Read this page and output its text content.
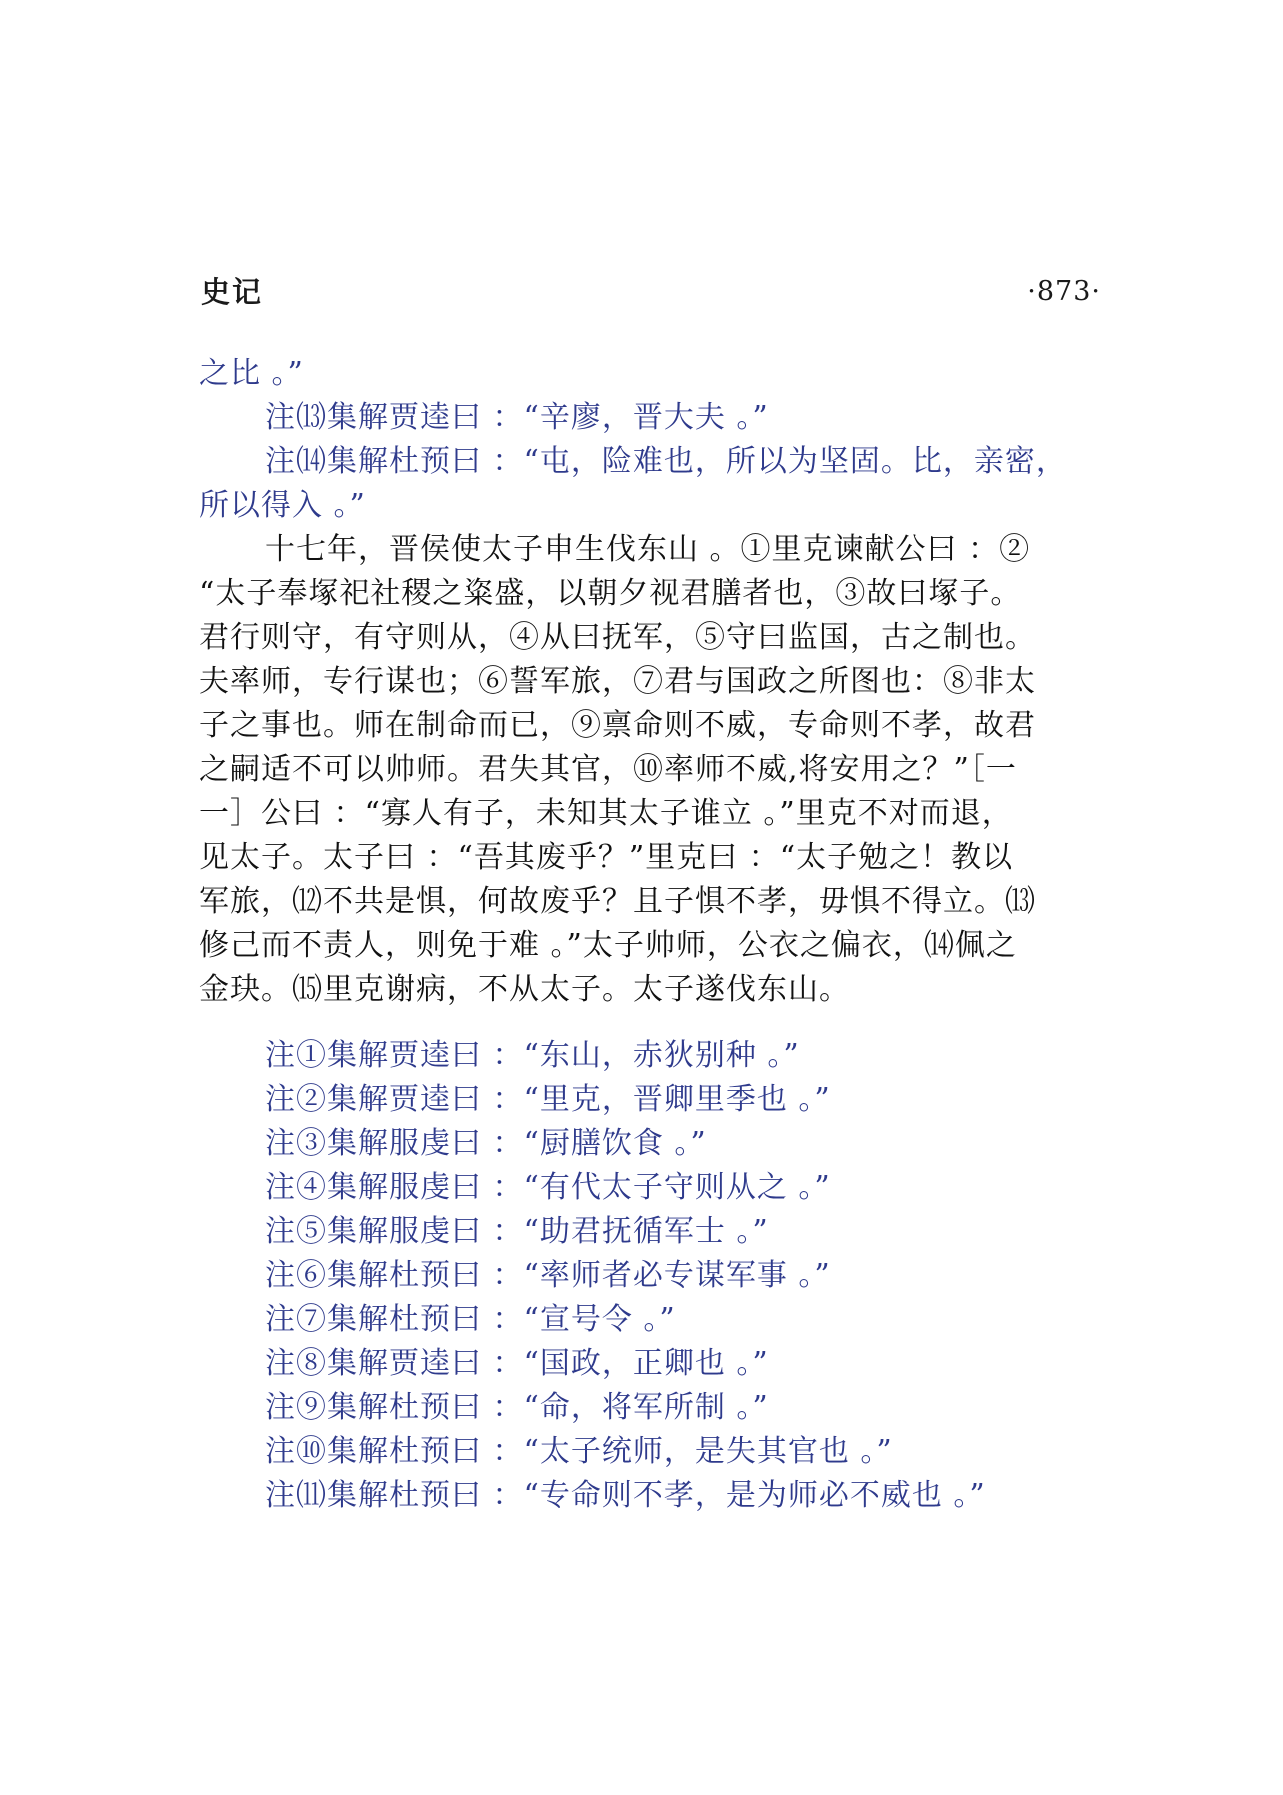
史记	·873·
之比 。”
注⒀集解贾逵曰 ：“辛廖，晋大夫 。”
注⒁集解杜预曰 ：“屯，险难也，所以为坚固。比，亲密，
所以得入 。”
十七年，晋侯使太子申生伐东山 。①里克谏献公曰 ：②
“太子奉塚祀社稷之粢盛，以朝夕视君膳者也，③故曰塚子。
君行则守，有守则从，④从曰抚军，⑤守曰监国，古之制也。
夫率师，专行谋也；⑥誓军旅，⑦君与国政之所图也：⑧非太
子之事也。师在制命而已，⑨禀命则不威，专命则不孝，故君
之嗣适不可以帅师。君失其官，⑩率师不威,将安用之？”［一
一］公曰 ：“寡人有子，未知其太子谁立 。”里克不对而退，
见太子。太子曰 ：“吾其废乎？”里克曰 ：“太子勉之！教以
军旅，⑿不共是惧，何故废乎？且子惧不孝，毋惧不得立。⒀
修己而不责人，则免于难 。”太子帅师，公衣之偏衣，⒁佩之
金玦。⒂里克谢病，不从太子。太子遂伐东山。
注①集解贾逵曰 ：“东山，赤狄别种 。”
注②集解贾逵曰 ：“里克，晋卿里季也 。”
注③集解服虔曰 ：“厨膳饮食 。”
注④集解服虔曰 ：“有代太子守则从之 。”
注⑤集解服虔曰 ：“助君抚循军士 。”
注⑥集解杜预曰 ：“率师者必专谋军事 。”
注⑦集解杜预曰 ：“宣号令 。”
注⑧集解贾逵曰 ：“国政，正卿也 。”
注⑨集解杜预曰 ：“命，将军所制 。”
注⑩集解杜预曰 ：“太子统师，是失其官也 。”
注⑾集解杜预曰 ：“专命则不孝，是为师必不威也 。”
